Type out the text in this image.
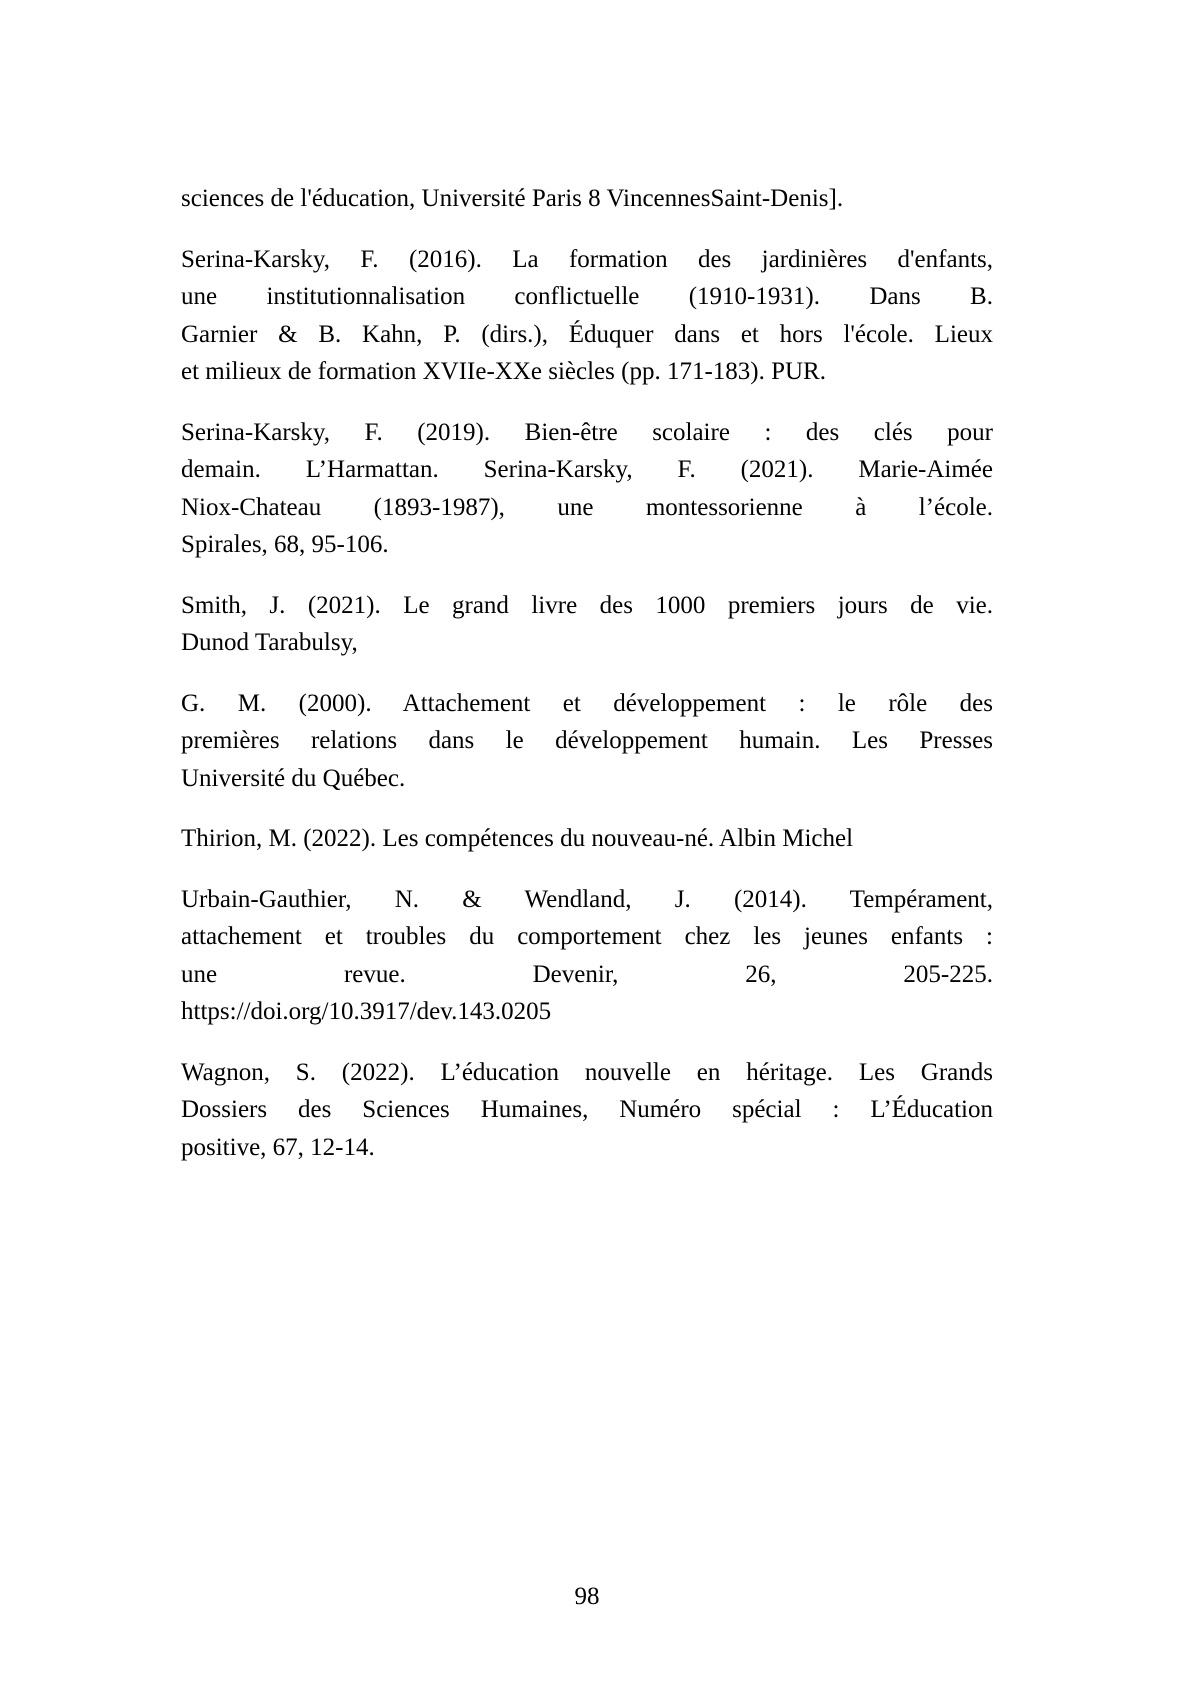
sciences de l'éducation, Université Paris 8 VincennesSaint-Denis].
Serina-Karsky, F. (2016). La formation des jardinières d'enfants,
une institutionnalisation conflictuelle (1910-1931). Dans B.
Garnier & B. Kahn, P. (dirs.), Éduquer dans et hors l'école. Lieux
et milieux de formation XVIIe-XXe siècles (pp. 171-183). PUR.
Serina-Karsky, F. (2019). Bien-être scolaire : des clés pour
demain. L’Harmattan. Serina-Karsky, F. (2021). Marie-Aimée
Niox-Chateau (1893-1987), une montessorienne à l’école.
Spirales, 68, 95-106.
Smith, J. (2021). Le grand livre des 1000 premiers jours de vie.
Dunod Tarabulsy,
G. M. (2000). Attachement et développement : le rôle des
premières relations dans le développement humain. Les Presses
Université du Québec.
Thirion, M. (2022). Les compétences du nouveau-né. Albin Michel
Urbain-Gauthier, N. & Wendland, J. (2014). Tempérament,
attachement et troubles du comportement chez les jeunes enfants :
une revue. Devenir, 26, 205-225.
https://doi.org/10.3917/dev.143.0205
Wagnon, S. (2022). L’éducation nouvelle en héritage. Les Grands
Dossiers des Sciences Humaines, Numéro spécial : L’Éducation
positive, 67, 12-14.
98
